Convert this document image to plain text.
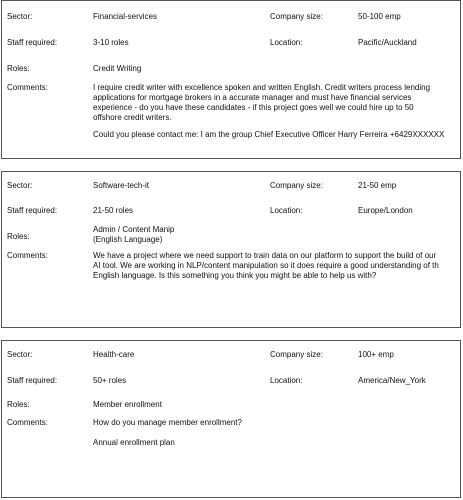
Sector:	Financial-services	Company size:	50-100 emp
Staff required:	3-10 roles	Location:	Pacific/Auckland
Roles:	Credit Writing
Comments:	I require credit writer with excellence spoken and written English. Credit writers process lending
applications for mortgage brokers in a accurate manager and must have financial services
experience - do you have these candidates - if this project goes well we could hire up to 50
offshore credit writers.
Could you please contact me: I am the group Chief Executive Officer Harry Ferreira +6429XXXXXX
Sector:	Software-tech-it	Company size:	21-50 emp
Staff required:	21-50 roles	Location:	Europe/London
Roles:
Admin / Content Manip
(English Language)
Comments:	We have a project where we need support to train data on our platform to support the build of our
AI tool. We are working in NLP/content manipulation so it does require a good understanding of th
English language. Is this something you think you might be able to help us with?
Sector:	Health-care	Company size:	100+ emp
Staff required:	50+ roles	Location:	America/New_York
Roles:	Member enrollment
Comments:	How do you manage member enrollment?
Annual enrollment plan
